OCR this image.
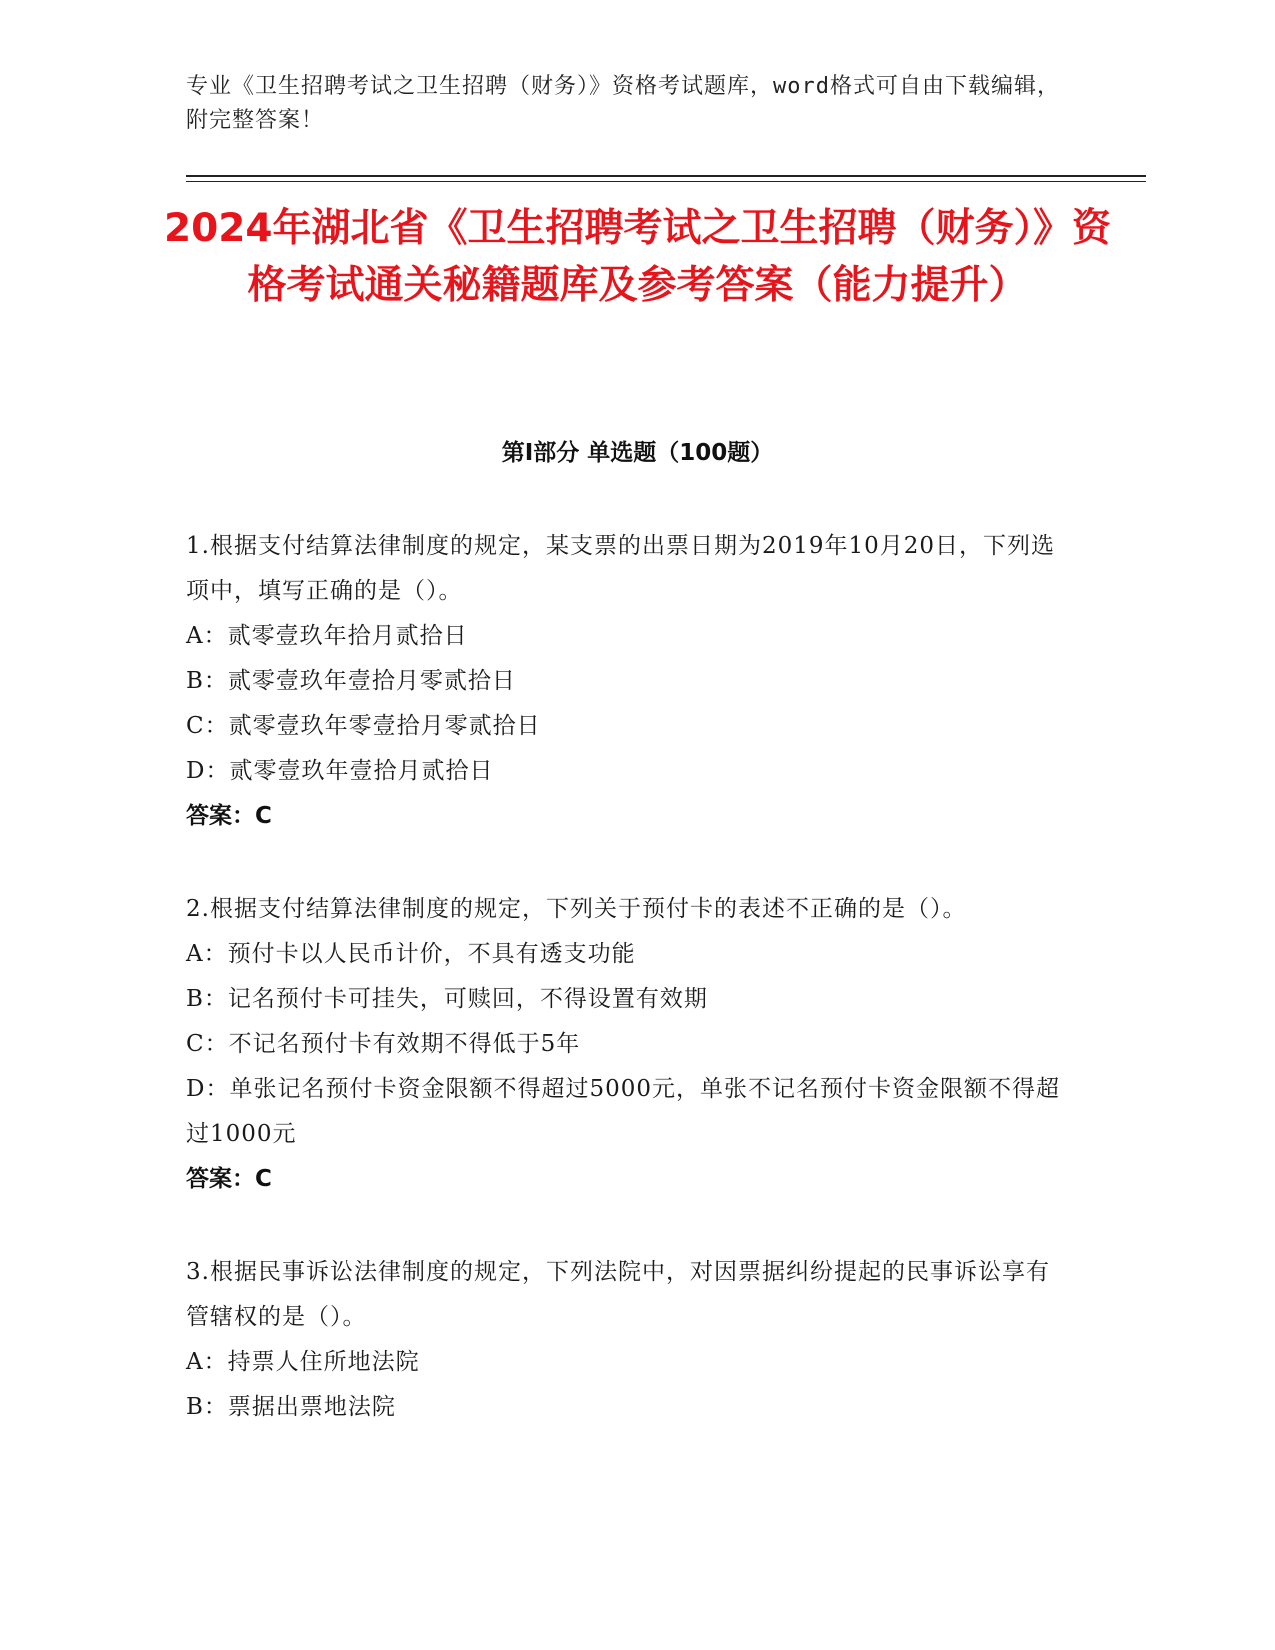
专业《卫生招聘考试之卫生招聘（财务）》资格考试题库，word格式可自由下载编辑，附完整答案！
2024年湖北省《卫生招聘考试之卫生招聘（财务）》资格考试通关秘籍题库及参考答案（能力提升）
第Ⅰ部分 单选题（100题）
1.根据支付结算法律制度的规定，某支票的出票日期为2019年10月20日，下列选项中，填写正确的是（）。
A：贰零壹玖年拾月贰拾日
B：贰零壹玖年壹拾月零贰拾日
C：贰零壹玖年零壹拾月零贰拾日
D：贰零壹玖年壹拾月贰拾日
答案：C
2.根据支付结算法律制度的规定，下列关于预付卡的表述不正确的是（）。
A：预付卡以人民币计价，不具有透支功能
B：记名预付卡可挂失，可赎回，不得设置有效期
C：不记名预付卡有效期不得低于5年
D：单张记名预付卡资金限额不得超过5000元，单张不记名预付卡资金限额不得超过1000元
答案：C
3.根据民事诉讼法律制度的规定，下列法院中，对因票据纠纷提起的民事诉讼享有管辖权的是（）。
A：持票人住所地法院
B：票据出票地法院
